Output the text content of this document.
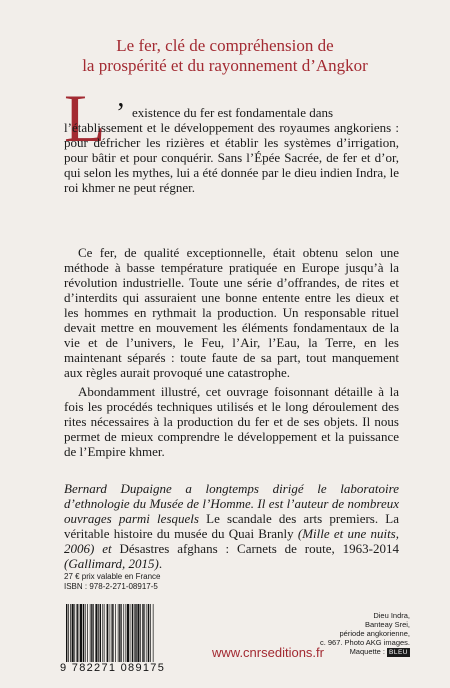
Le fer, clé de compréhension de
la prospérité et du rayonnement d’Angkor
L ’ existence du fer est fondamentale dans
l’établissement et le développement des royaumes angkoriens : pour défricher les rizières et établir les systèmes d’irrigation, pour bâtir et pour conquérir. Sans l’Épée Sacrée, de fer et d’or, qui selon les mythes, lui a été donnée par le dieu indien Indra, le roi khmer ne peut régner.

Ce fer, de qualité exceptionnelle, était obtenu selon une méthode à basse température pratiquée en Europe jusqu’à la révolution industrielle. Toute une série d’offrandes, de rites et d’interdits qui assuraient une bonne entente entre les dieux et les hommes en rythmait la production. Un responsable rituel devait mettre en mouvement les éléments fondamentaux de la vie et de l’univers, le Feu, l’Air, l’Eau, la Terre, en les maintenant séparés : toute faute de sa part, tout manquement aux règles aurait provoqué une catastrophe.

Abondamment illustré, cet ouvrage foisonnant détaille à la fois les procédés techniques utilisés et le long déroulement des rites nécessaires à la production du fer et de ses objets. Il nous permet de mieux comprendre le développement et la puissance de l’Empire khmer.

Bernard Dupaigne a longtemps dirigé le laboratoire d’ethnologie du Musée de l’Homme. Il est l’auteur de nombreux ouvrages parmi lesquels Le scandale des arts premiers. La véritable histoire du musée du Quai Branly (Mille et une nuits, 2006) et Désastres afghans : Carnets de route, 1963-2014 (Gallimard, 2015).

27 € prix valable en France
ISBN : 978-2-271-08917-5
9 782271 089175
www.cnrseditions.fr
Dieu Indra,
Banteay Srei,
période angkorienne,
c. 967. Photo AKG images.
Maquette : BLEU
